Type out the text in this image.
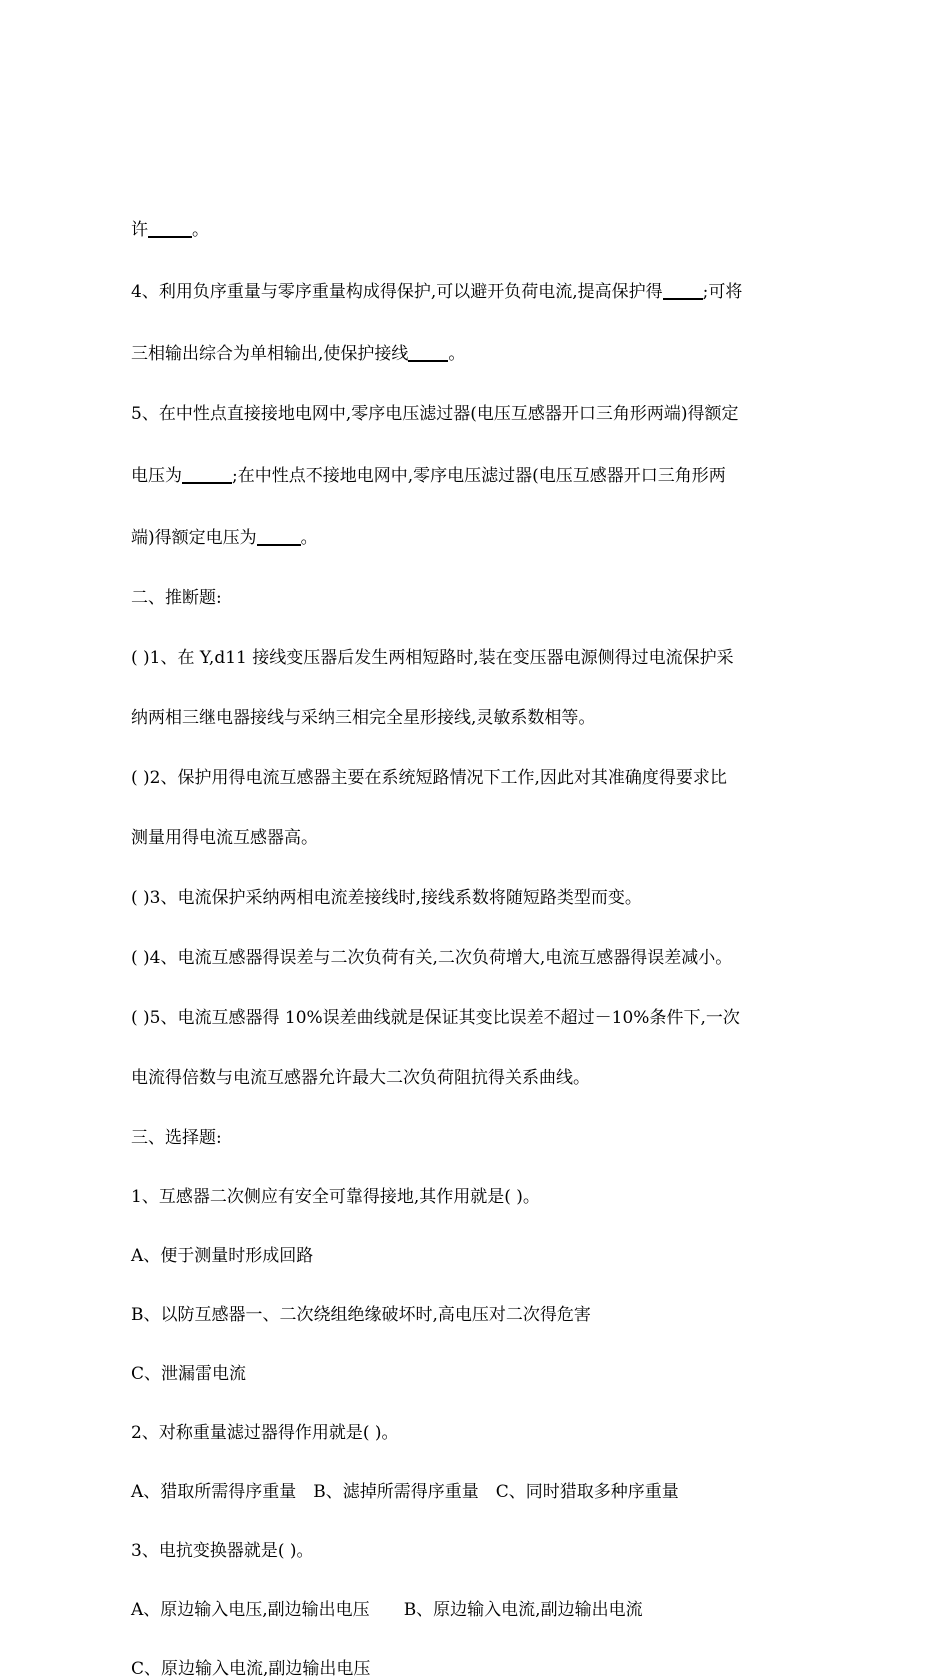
许	。
4、利用负序重量与零序重量构成得保护,可以避开负荷电流,提高保护得 ;可将
三相输出综合为单相输出,使保护接线 。
5、在中性点直接接地电网中,零序电压滤过器(电压互感器开口三角形两端)得额定
电压为	;在中性点不接地电网中,零序电压滤过器(电压互感器开口三角形两
端)得额定电压为	。
二、推断题:
( )1、在 Y,d11 接线变压器后发生两相短路时,装在变压器电源侧得过电流保护采
纳两相三继电器接线与采纳三相完全星形接线,灵敏系数相等。
( )2、保护用得电流互感器主要在系统短路情况下工作,因此对其准确度得要求比
测量用得电流互感器高。
( )3、电流保护采纳两相电流差接线时,接线系数将随短路类型而变。
( )4、电流互感器得误差与二次负荷有关,二次负荷增大,电流互感器得误差减小。
( )5、电流互感器得 10%误差曲线就是保证其变比误差不超过－10%条件下,一次
电流得倍数与电流互感器允许最大二次负荷阻抗得关系曲线。
三、选择题:
1、互感器二次侧应有安全可靠得接地,其作用就是( )。
A、便于测量时形成回路
B、以防互感器一、二次绕组绝缘破坏时,高电压对二次得危害
C、泄漏雷电流
2、对称重量滤过器得作用就是( )。
A、猎取所需得序重量 B、滤掉所需得序重量 C、同时猎取多种序重量
3、电抗变换器就是( )。
A、原边输入电压,副边输出电压 B、原边输入电流,副边输出电流
C、原边输入电流,副边输出电压
